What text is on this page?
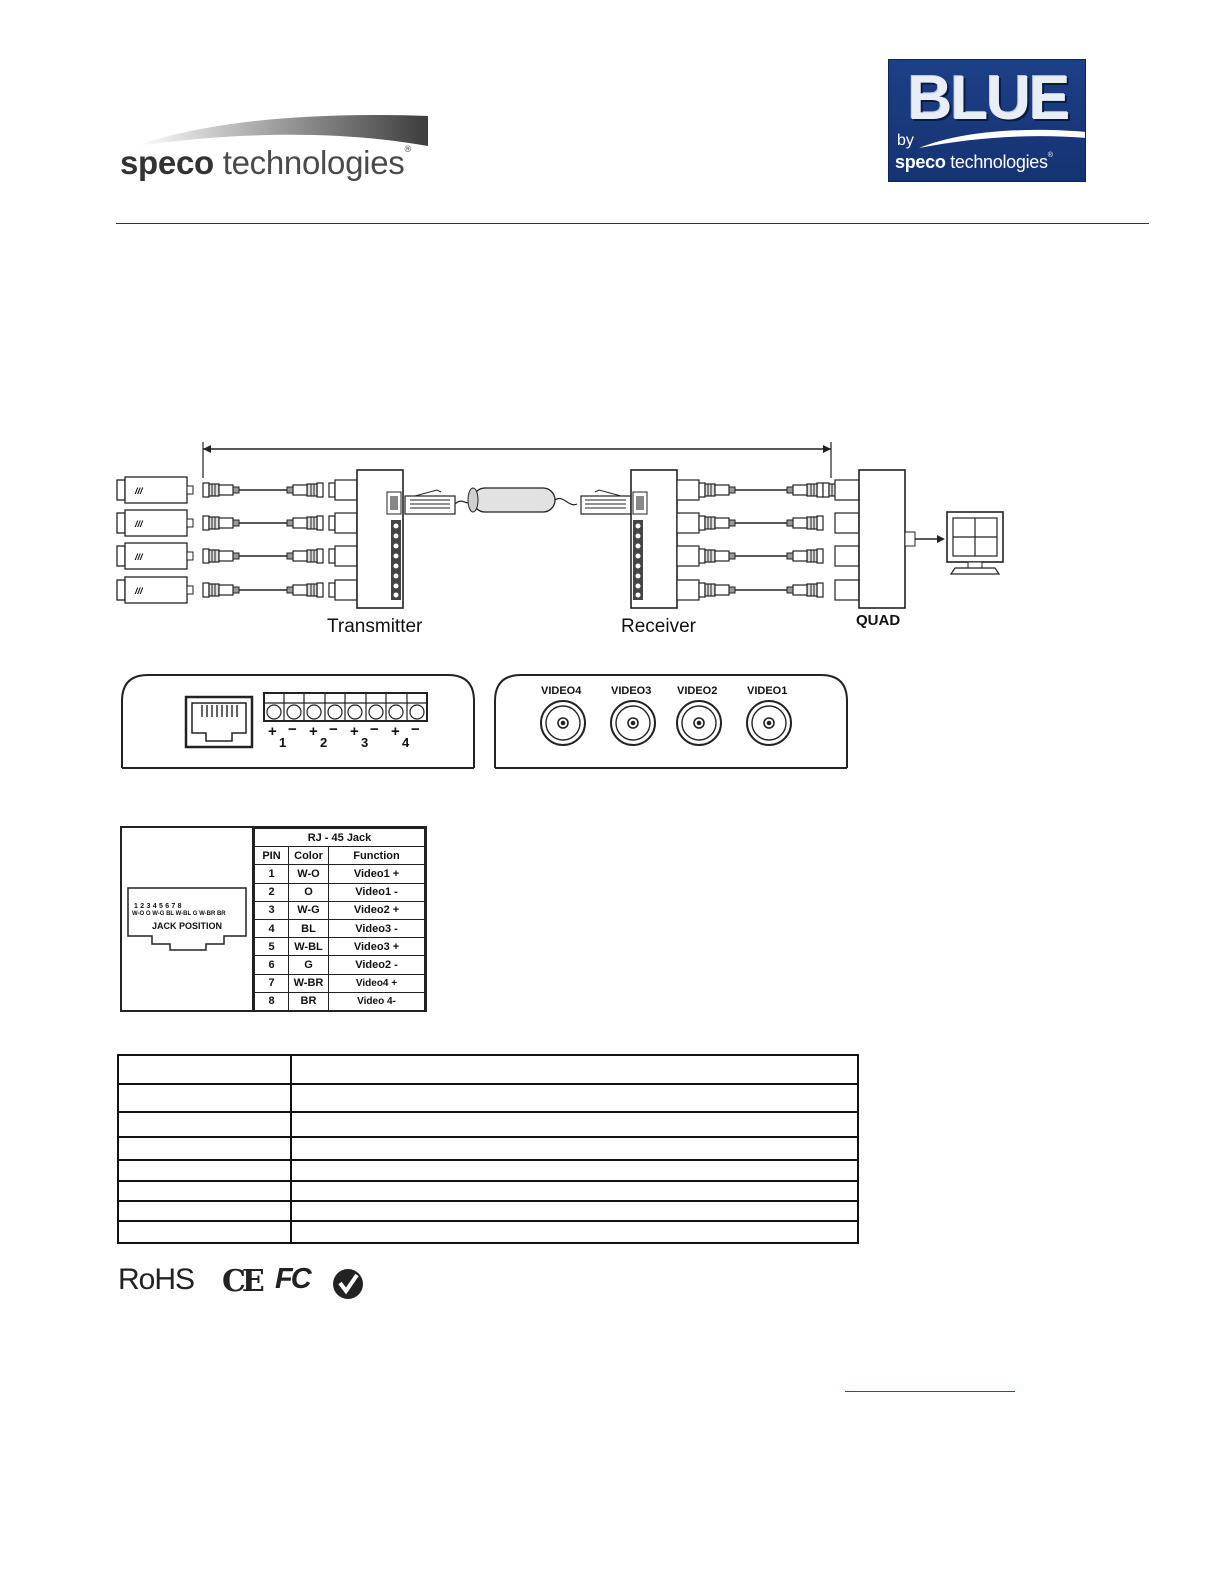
speco technologies®
BLUE
by
speco technologies®
///
Transmitter	Receiver	QUAD
+ − + − + − + −
1	2	3	4
VIDEO4	VIDEO3 VIDEO2	VIDEO1
1 2 3 4 5 6 7 8
W-O O W-G BL W-BL G W-BR BR
JACK POSITION
RJ - 45 Jack		
PIN	Color	Function
1	W-O	Video1 +
2	O	Video1 -
3	W-G	Video2 +
4	BL	Video3 -
5	W-BL	Video3 +
6	G	Video2 -
7	W-BR	Video4 +
8	BR	Video 4-

RoHS CE FC
